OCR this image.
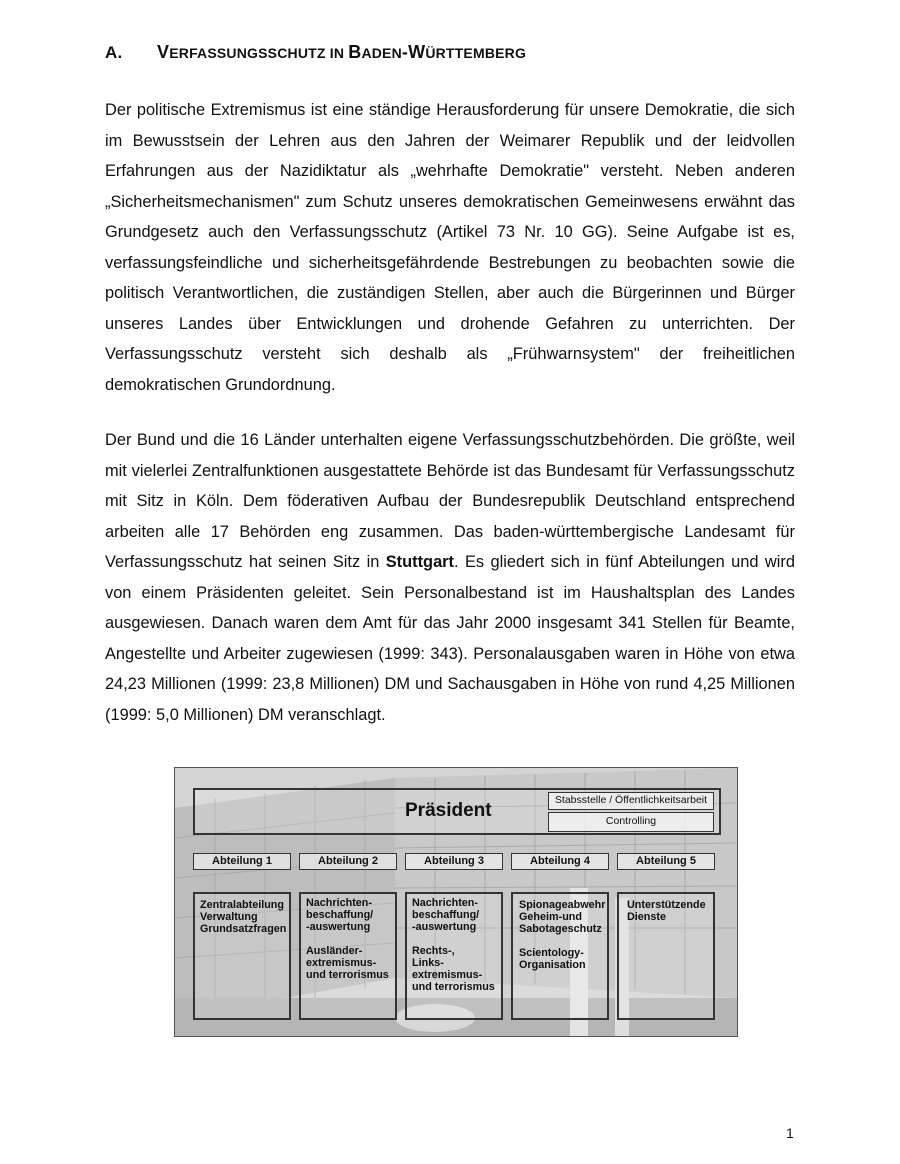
A. VERFASSUNGSSCHUTZ IN BADEN-WÜRTTEMBERG

Der politische Extremismus ist eine ständige Herausforderung für unsere Demokratie, die sich im Bewusstsein der Lehren aus den Jahren der Weimarer Republik und der leidvollen Erfahrungen aus der Nazidiktatur als „wehrhafte Demokratie" versteht. Neben anderen „Sicherheitsmechanismen" zum Schutz unseres demokratischen Gemeinwesens erwähnt das Grundgesetz auch den Verfassungsschutz (Artikel 73 Nr. 10 GG). Seine Aufgabe ist es, verfassungsfeindliche und sicherheitsgefährdende Bestrebungen zu beobachten sowie die politisch Verantwortlichen, die zuständigen Stellen, aber auch die Bürgerinnen und Bürger unseres Landes über Entwicklungen und drohende Gefahren zu unterrichten. Der Verfassungsschutz versteht sich deshalb als „Frühwarnsystem" der freiheitlichen demokratischen Grundordnung.

Der Bund und die 16 Länder unterhalten eigene Verfassungsschutzbehörden. Die größte, weil mit vielerlei Zentralfunktionen ausgestattete Behörde ist das Bundesamt für Verfassungsschutz mit Sitz in Köln. Dem föderativen Aufbau der Bundesrepublik Deutschland entsprechend arbeiten alle 17 Behörden eng zusammen. Das baden-württembergische Landesamt für Verfassungsschutz hat seinen Sitz in Stuttgart. Es gliedert sich in fünf Abteilungen und wird von einem Präsidenten geleitet. Sein Personalbestand ist im Haushaltsplan des Landes ausgewiesen. Danach waren dem Amt für das Jahr 2000 insgesamt 341 Stellen für Beamte, Angestellte und Arbeiter zugewiesen (1999: 343). Personalausgaben waren in Höhe von etwa 24,23 Millionen (1999: 23,8 Millionen) DM und Sachausgaben in Höhe von rund 4,25 Millionen (1999: 5,0 Millionen) DM veranschlagt.

Präsident	Stabsstelle / Öffentlichkeitsarbeit
Controlling
Abteilung 1	Abteilung 2	Abteilung 3	Abteilung 4	Abteilung 5
Zentralabteilung
Verwaltung
Grundsatzfragen
Nachrichten-
beschaffung/
-auswertung
Ausländer-
extremismus-
und terrorismus
Nachrichten-
beschaffung/
-auswertung
Rechts-,
Links-
extremismus-
und terrorismus
Spionageabwehr
Geheim-und
Sabotageschutz
Scientology-
Organisation
Unterstützende
Dienste
1
